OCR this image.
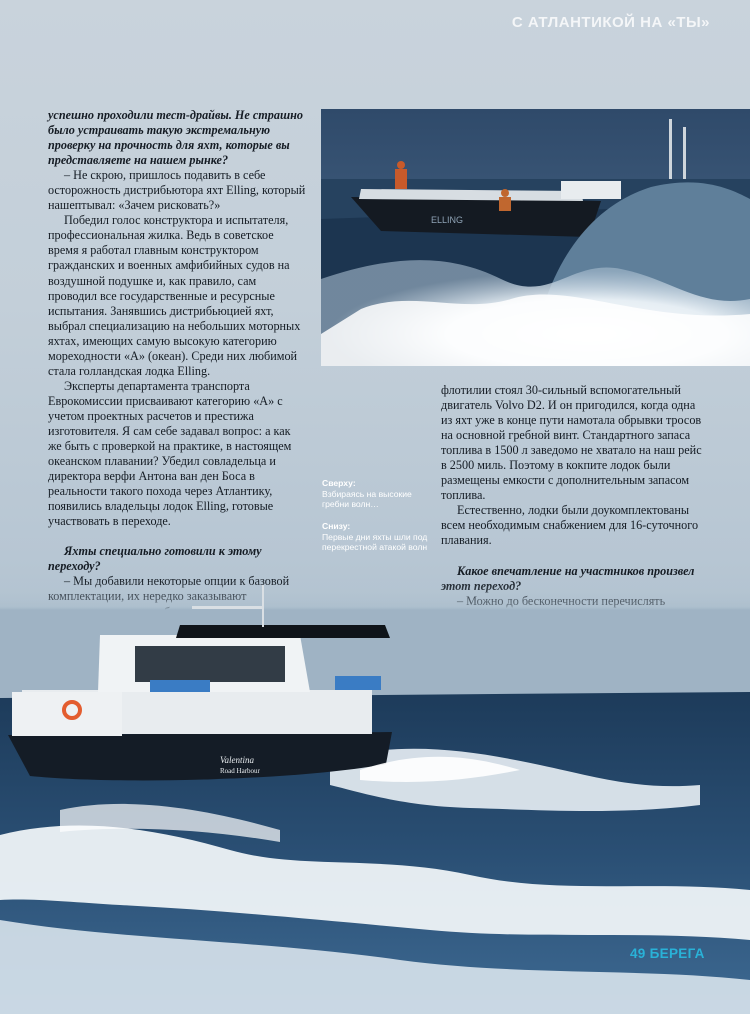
С АТЛАНТИКОЙ НА «ТЫ»
ELLING

успешно проходили тест-драйвы. Не страшно было устраивать такую экстремальную проверку на прочность для яхт, которые вы представляете на нашем рынке?

– Не скрою, пришлось подавить в себе осторожность дистрибьютора яхт Elling, который нашептывал: «Зачем рисковать?»

Победил голос конструктора и испытателя, профессиональная жилка. Ведь в советское время я работал главным конструктором гражданских и военных амфибийных судов на воздушной подушке и, как правило, сам проводил все государственные и ресурсные испытания. Занявшись дистрибьюцией яхт, выбрал специализацию на небольших моторных яхтах, имеющих самую высокую категорию мореходности «А» (океан). Среди них любимой стала голландская лодка Elling.

Эксперты департамента транспорта Еврокомиссии присваивают категорию «А» с учетом проектных расчетов и престижа изготовителя. Я сам себе задавал вопрос: а как же быть с проверкой на практике, в настоящем океанском плавании? Убедил совладельца и директора верфи Антона ван ден Боса в реальности такого похода через Атлантику, появились владельцы лодок Elling, готовые участвовать в переходе.

Яхты специально готовили к этому переходу?

Сверху:
Взбираясь на высокие гребни волн…
Снизу:
Первые дни яхты шли под перекрестной атакой волн

флотилии стоял 30-сильный вспомогательный двигатель Volvo D2. И он пригодился, когда одна из яхт уже в конце пути намотала обрывки тросов на основной гребной винт. Стандартного запаса топлива в 1500 л заведомо не хватало на наш рейс в 2500 миль. Поэтому в кокпите лодок были размещены емкости с дополнительным запасом топлива.

Естественно, лодки были доукомплектованы всем необходимым снабжением для 16-суточного плавания.

Какое впечатление на участников произвел

Valentina
Road Harbour
49 БЕРЕГА
